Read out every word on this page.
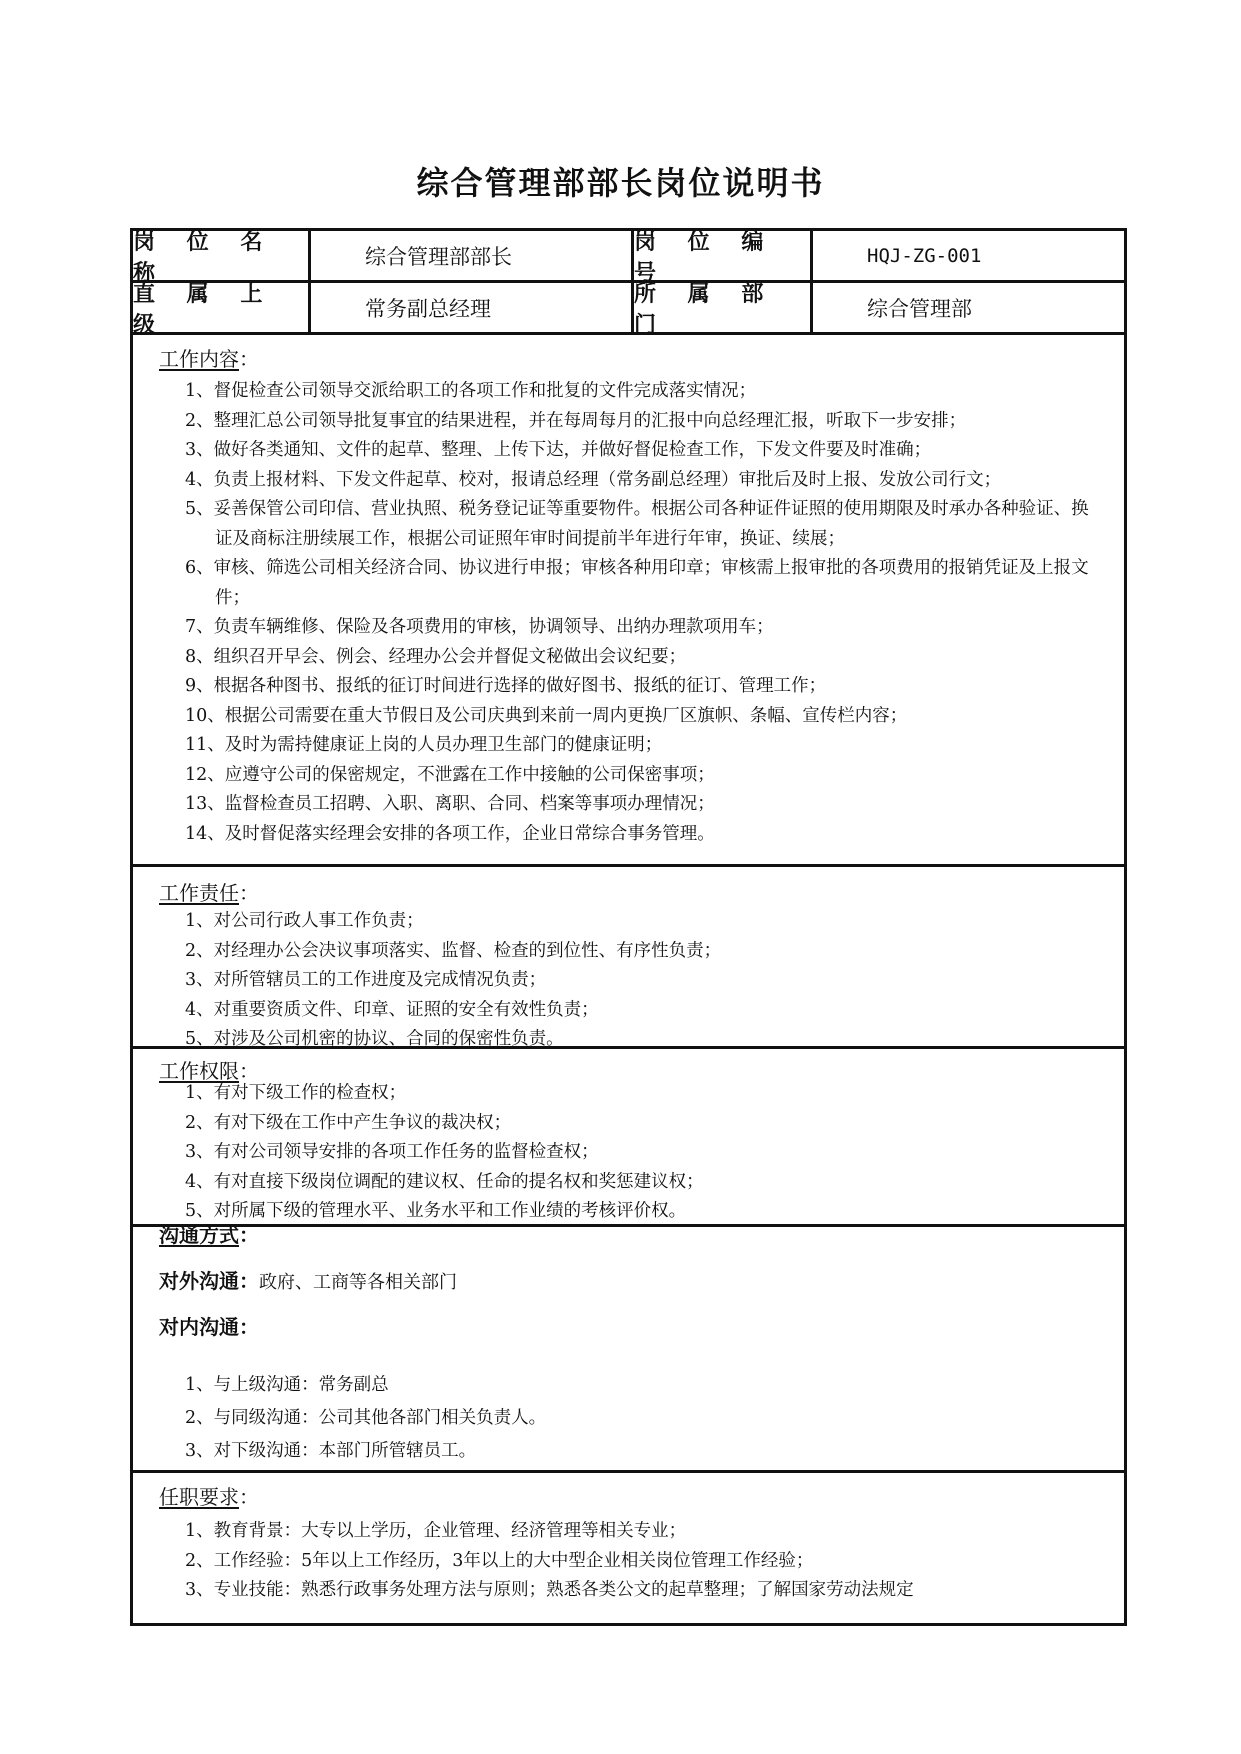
综合管理部部长岗位说明书
岗 位 名 称
综合管理部部长
岗 位 编 号
HQJ-ZG-001
直 属 上 级
常务副总经理
所 属 部 门
综合管理部
工作内容：
1、督促检查公司领导交派给职工的各项工作和批复的文件完成落实情况；
2、整理汇总公司领导批复事宜的结果进程，并在每周每月的汇报中向总经理汇报，听取下一步安排；
3、做好各类通知、文件的起草、整理、上传下达，并做好督促检查工作，下发文件要及时准确；
4、负责上报材料、下发文件起草、校对，报请总经理（常务副总经理）审批后及时上报、发放公司行文；
5、妥善保管公司印信、营业执照、税务登记证等重要物件。根据公司各种证件证照的使用期限及时承办各种验证、换证及商标注册续展工作，根据公司证照年审时间提前半年进行年审，换证、续展；
6、审核、筛选公司相关经济合同、协议进行申报；审核各种用印章；审核需上报审批的各项费用的报销凭证及上报文件；
7、负责车辆维修、保险及各项费用的审核，协调领导、出纳办理款项用车；
8、组织召开早会、例会、经理办公会并督促文秘做出会议纪要；
9、根据各种图书、报纸的征订时间进行选择的做好图书、报纸的征订、管理工作；
10、根据公司需要在重大节假日及公司庆典到来前一周内更换厂区旗帜、条幅、宣传栏内容；
11、及时为需持健康证上岗的人员办理卫生部门的健康证明；
12、应遵守公司的保密规定，不泄露在工作中接触的公司保密事项；
13、监督检查员工招聘、入职、离职、合同、档案等事项办理情况；
14、及时督促落实经理会安排的各项工作，企业日常综合事务管理。
工作责任：
1、对公司行政人事工作负责；
2、对经理办公会决议事项落实、监督、检查的到位性、有序性负责；
3、对所管辖员工的工作进度及完成情况负责；
4、对重要资质文件、印章、证照的安全有效性负责；
5、对涉及公司机密的协议、合同的保密性负责。
工作权限：
1、有对下级工作的检查权；
2、有对下级在工作中产生争议的裁决权；
3、有对公司领导安排的各项工作任务的监督检查权；
4、有对直接下级岗位调配的建议权、任命的提名权和奖惩建议权；
5、对所属下级的管理水平、业务水平和工作业绩的考核评价权。
沟通方式：
对外沟通：政府、工商等各相关部门
对内沟通：
1、与上级沟通：常务副总
2、与同级沟通：公司其他各部门相关负责人。
3、对下级沟通：本部门所管辖员工。
任职要求：
1、教育背景：大专以上学历，企业管理、经济管理等相关专业；
2、工作经验：5年以上工作经历，3年以上的大中型企业相关岗位管理工作经验；
3、专业技能：熟悉行政事务处理方法与原则；熟悉各类公文的起草整理；了解国家劳动法规定
